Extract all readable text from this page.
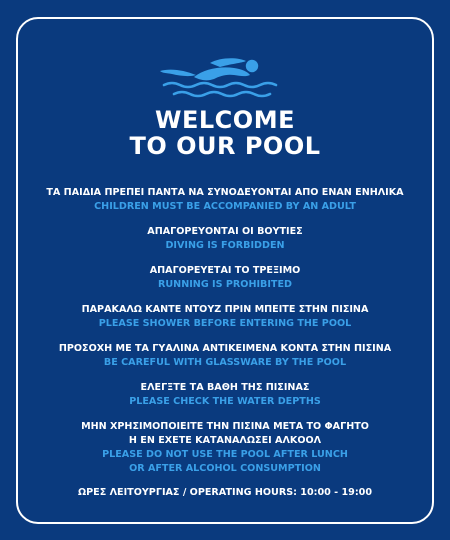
WELCOME
TO OUR POOL
ΤΑ ΠΑΙΔΙΑ ΠΡΕΠΕΙ ΠΑΝΤΑ ΝΑ ΣΥΝΟΔΕΥΟΝΤΑΙ ΑΠΟ ΕΝΑΝ ΕΝΗΛΙΚΑ
CHILDREN MUST BE ACCOMPANIED BY AN ADULT
ΑΠΑΓΟΡΕΥΟΝΤΑΙ ΟΙ ΒΟΥΤΙΕΣ
DIVING IS FORBIDDEN
ΑΠΑΓΟΡΕΥΕΤΑΙ ΤΟ ΤΡΕΞΙΜΟ
RUNNING IS PROHIBITED
ΠΑΡΑΚΑΛΩ ΚΑΝΤΕ ΝΤΟΥΖ ΠΡΙΝ ΜΠΕΙΤΕ ΣΤΗΝ ΠΙΣΙΝΑ
PLEASE SHOWER BEFORE ENTERING THE POOL
ΠΡΟΣΟΧΗ ΜΕ ΤΑ ΓΥΑΛΙΝΑ ΑΝΤΙΚΕΙΜΕΝΑ ΚΟΝΤΑ ΣΤΗΝ ΠΙΣΙΝΑ
BE CAREFUL WITH GLASSWARE BY THE POOL
ΕΛΕΓΞΤΕ ΤΑ ΒΑΘΗ ΤΗΣ ΠΙΣΙΝΑΣ
PLEASE CHECK THE WATER DEPTHS
ΜΗΝ ΧΡΗΣΙΜΟΠΟΙΕΙΤΕ ΤΗΝ ΠΙΣΙΝΑ ΜΕΤΑ ΤΟ ΦΑΓΗΤΟ
Η ΕΝ ΕΧΕΤΕ ΚΑΤΑΝΑΛΩΣΕΙ ΑΛΚΟΟΛ
PLEASE DO NOT USE THE POOL AFTER LUNCH
OR AFTER ALCOHOL CONSUMPTION
ΩΡΕΣ ΛΕΙΤΟΥΡΓΙΑΣ / OPERATING HOURS: 10:00 - 19:00
